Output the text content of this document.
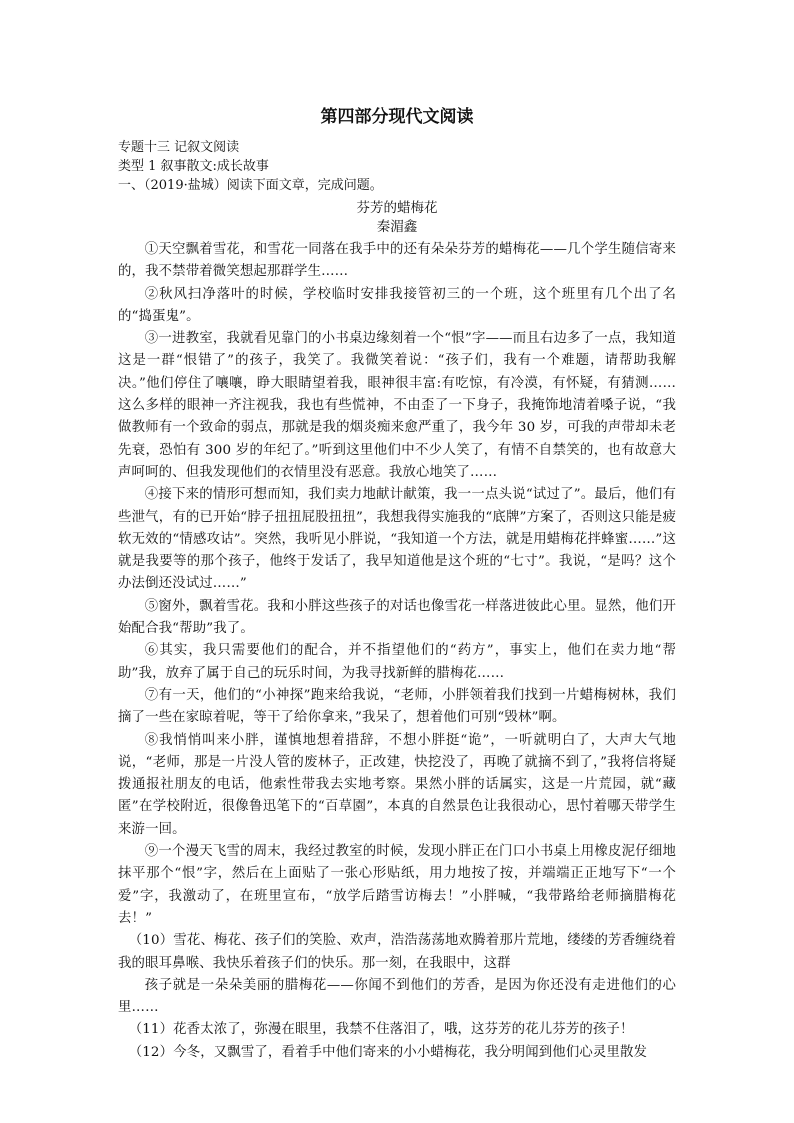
第四部分现代文阅读
专题十三 记叙文阅读
类型 1 叙事散文:成长故事
一、（2019·盐城）阅读下面文章，完成问题。
芬芳的蜡梅花
秦湄鑫

①天空飘着雪花，和雪花一同落在我手中的还有朵朵芬芳的蜡梅花——几个学生随信寄来的，我不禁带着微笑想起那群学生……

②秋风扫净落叶的时候，学校临时安排我接管初三的一个班，这个班里有几个出了名的“捣蛋鬼”。

③一进教室，我就看见靠门的小书桌边缘刻着一个“恨”字——而且右边多了一点，我知道这是一群“恨错了”的孩子，我笑了。我微笑着说：“孩子们，我有一个难题，请帮助我解决。”他们停住了嚷嚷，睁大眼睛望着我，眼神很丰富:有吃惊，有冷漠，有怀疑，有猜测……这么多样的眼神一齐注视我，我也有些慌神，不由歪了一下身子，我掩饰地清着嗓子说，“我做教师有一个致命的弱点，那就是我的烟炎痴来愈严重了，我今年 30 岁，可我的声带却未老先衰，恐怕有 300 岁的年纪了。”听到这里他们中不少人笑了，有情不自禁笑的，也有故意大声呵呵的、但我发现他们的衣情里没有恶意。我放心地笑了……

④接下来的情形可想而知，我们卖力地献计献策，我一一点头说“试过了”。最后，他们有些泄气，有的已开始“脖子扭扭屁股扭扭”，我想我得实施我的“底牌”方案了，否则这只能是疲软无效的“情感攻诂”。突然，我听见小胖说，“我知道一个方法，就是用蜡梅花拌蜂蜜……”这就是我要等的那个孩子，他终于发话了，我早知道他是这个班的“七寸”。我说，“是吗？这个办法倒还没试过……”

⑤窗外，飘着雪花。我和小胖这些孩子的对话也像雪花一样落进彼此心里。显然，他们开始配合我“帮助”我了。

⑥其实，我只需要他们的配合，并不指望他们的“药方”，事实上，他们在卖力地“帮助”我，放弃了属于自己的玩乐时间，为我寻找新鲜的腊梅花……

⑦有一天，他们的“小神探”跑来给我说，“老师，小胖领着我们找到一片蜡梅树林，我们摘了一些在家晾着呢，等干了给你拿来，”我呆了，想着他们可别“毁林”啊。

⑧我悄悄叫来小胖，谨慎地想着措辞，不想小胖挺“诡”，一听就明白了，大声大气地说，“老师，那是一片没人管的废林子，正改建，快挖没了，再晚了就摘不到了，”我将信将疑拨通报社朋友的电话，他索性带我去实地考察。果然小胖的话属实，这是一片荒园，就“藏匿”在学校附近，很像鲁迅笔下的“百草園”，本真的自然景色让我很动心，思忖着哪天带学生来游一回。

⑨一个漫天飞雪的周末，我经过教室的时候，发现小胖正在门口小书桌上用橡皮泥仔细地抹平那个“恨”字，然后在上面贴了一张心形贴纸，用力地按了按，并端端正正地写下“一个爱”字，我激动了，在班里宣布，“放学后踏雪访梅去！”小胖喊，“我带路给老师摘腊梅花去！”

（10）雪花、梅花、孩子们的笑脸、欢声，浩浩荡荡地欢腾着那片荒地，缕缕的芳香缠绕着我的眼耳鼻喉、我快乐着孩子们的快乐。那一刻，在我眼中，这群

孩子就是一朵朵美丽的腊梅花——你闻不到他们的芳香，是因为你还没有走进他们的心里……

（11）花香太浓了，弥漫在眼里，我禁不住落泪了，哦，这芬芳的花儿芬芳的孩子！

（12）今冬，又飘雪了，看着手中他们寄来的小小蜡梅花，我分明闻到他们心灵里散发
